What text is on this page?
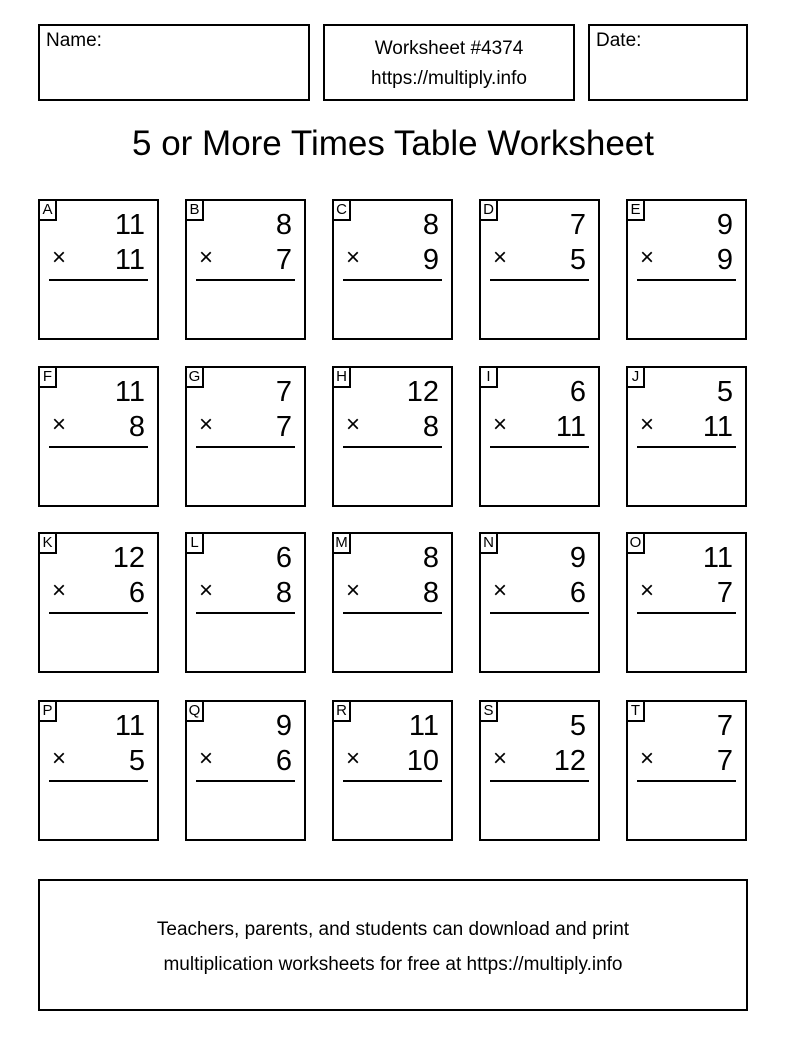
Name:	Worksheet #4374
https://multiply.info
Date:
5 or More Times Table Worksheet
A 11
× 11
B	8
× 7
C	8
× 9
D	7
× 5
E	9
× 9
F 11
× 8
G	7
× 7
H 12
× 8
I	6
× 11
J	5
× 11
K 12
× 6
L	6
× 8
M	8
× 8
N	9
× 6
O 11
× 7
P 11
× 5
Q	9
× 6
R 11
× 10
S	5
× 12
T	7
× 7
Teachers, parents, and students can download and print
multiplication worksheets for free at https://multiply.info
